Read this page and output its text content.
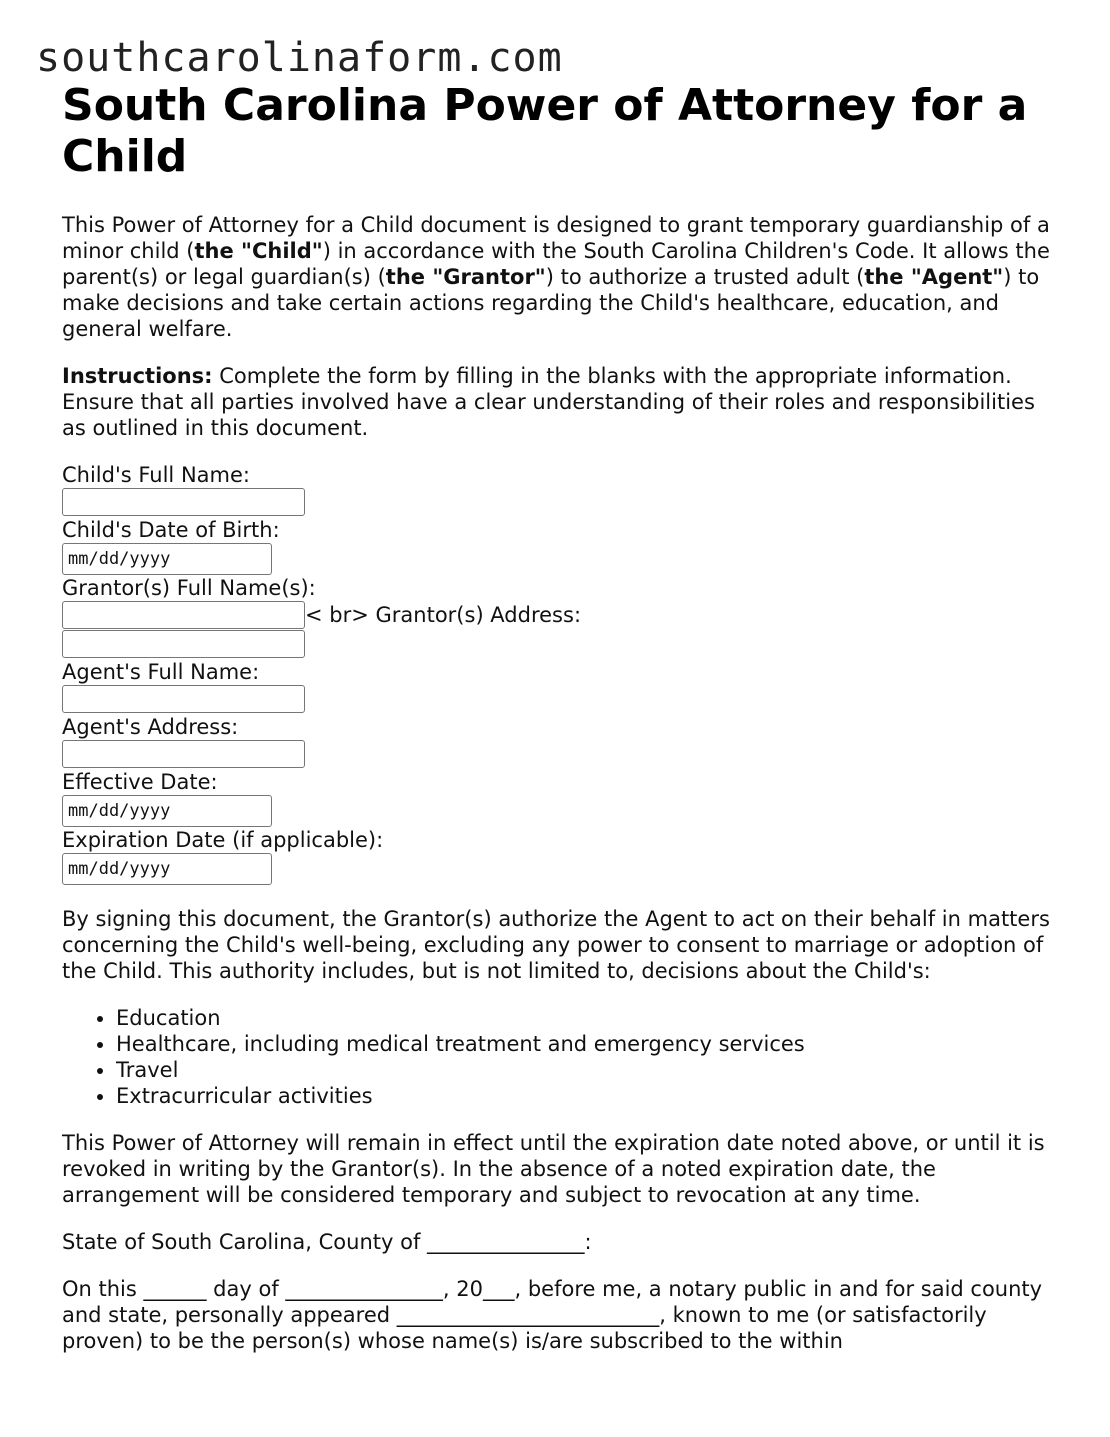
southcarolinaform.com
South Carolina Power of Attorney for a Child

This Power of Attorney for a Child document is designed to grant temporary guardianship of a minor child (the "Child") in accordance with the South Carolina Children's Code. It allows the parent(s) or legal guardian(s) (the "Grantor") to authorize a trusted adult (the "Agent") to make decisions and take certain actions regarding the Child's healthcare, education, and general welfare.

Instructions: Complete the form by filling in the blanks with the appropriate information. Ensure that all parties involved have a clear understanding of their roles and responsibilities as outlined in this document.

Child's Full Name:
Child's Date of Birth:
mm/dd/yyyy
Grantor(s) Full Name(s):
< br> Grantor(s) Address:
Agent's Full Name:
Agent's Address:
Effective Date:
mm/dd/yyyy
Expiration Date (if applicable):
mm/dd/yyyy

By signing this document, the Grantor(s) authorize the Agent to act on their behalf in matters concerning the Child's well-being, excluding any power to consent to marriage or adoption of the Child. This authority includes, but is not limited to, decisions about the Child's:

• Education
• Healthcare, including medical treatment and emergency services
• Travel
• Extracurricular activities

This Power of Attorney will remain in effect until the expiration date noted above, or until it is revoked in writing by the Grantor(s). In the absence of a noted expiration date, the arrangement will be considered temporary and subject to revocation at any time.

State of South Carolina, County of _______________:

On this ______ day of _______________, 20___, before me, a notary public in and for said county and state, personally appeared _________________________, known to me (or satisfactorily proven) to be the person(s) whose name(s) is/are subscribed to the within
